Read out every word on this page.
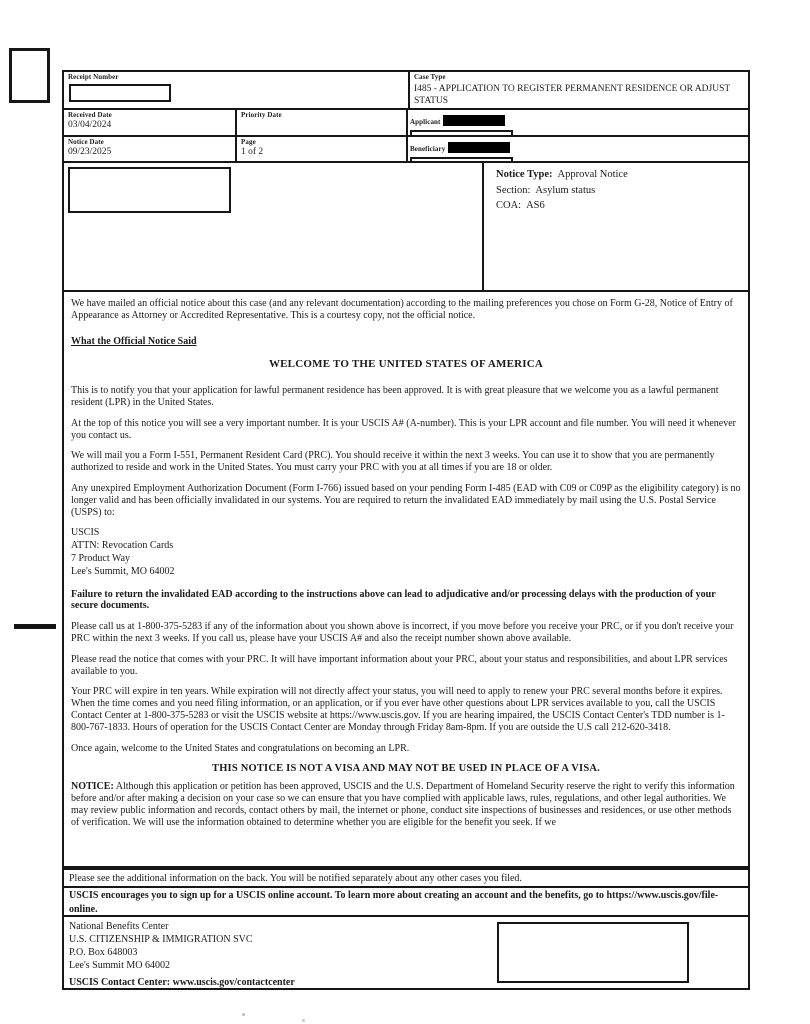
Receipt Number	Case Type
I485 - APPLICATION TO REGISTER PERMANENT RESIDENCE OR ADJUST STATUS
Received Date
03/04/2024
Priority Date
Applicant
Notice Date
09/23/2025
Page
1 of 2	Beneficiary
Notice Type: Approval Notice
Section: Asylum status
COA: AS6

We have mailed an official notice about this case (and any relevant documentation) according to the mailing preferences you chose on Form G-28, Notice of Entry of Appearance as Attorney or Accredited Representative. This is a courtesy copy, not the official notice.

What the Official Notice Said

WELCOME TO THE UNITED STATES OF AMERICA

This is to notify you that your application for lawful permanent residence has been approved. It is with great pleasure that we welcome you as a lawful permanent resident (LPR) in the United States.

At the top of this notice you will see a very important number. It is your USCIS A# (A-number). This is your LPR account and file number. You will need it whenever you contact us.

We will mail you a Form I-551, Permanent Resident Card (PRC). You should receive it within the next 3 weeks. You can use it to show that you are permanently authorized to reside and work in the United States. You must carry your PRC with you at all times if you are 18 or older.

Any unexpired Employment Authorization Document (Form I-766) issued based on your pending Form I-485 (EAD with C09 or C09P as the eligibility category) is no longer valid and has been officially invalidated in our systems. You are required to return the invalidated EAD immediately by mail using the U.S. Postal Service (USPS) to:

USCIS
ATTN: Revocation Cards
7 Product Way
Lee's Summit, MO 64002

Failure to return the invalidated EAD according to the instructions above can lead to adjudicative and/or processing delays with the production of your secure documents.

Please call us at 1-800-375-5283 if any of the information about you shown above is incorrect, if you move before you receive your PRC, or if you don't receive your PRC within the next 3 weeks. If you call us, please have your USCIS A# and also the receipt number shown above available.

Please read the notice that comes with your PRC. It will have important information about your PRC, about your status and responsibilities, and about LPR services available to you.

Your PRC will expire in ten years. While expiration will not directly affect your status, you will need to apply to renew your PRC several months before it expires. When the time comes and you need filing information, or an application, or if you ever have other questions about LPR services available to you, call the USCIS Contact Center at 1-800-375-5283 or visit the USCIS website at https://www.uscis.gov. If you are hearing impaired, the USCIS Contact Center's TDD number is 1-800-767-1833. Hours of operation for the USCIS Contact Center are Monday through Friday 8am-8pm. If you are outside the U.S call 212-620-3418.

Once again, welcome to the United States and congratulations on becoming an LPR.

THIS NOTICE IS NOT A VISA AND MAY NOT BE USED IN PLACE OF A VISA.

NOTICE: Although this application or petition has been approved, USCIS and the U.S. Department of Homeland Security reserve the right to verify this information before and/or after making a decision on your case so we can ensure that you have complied with applicable laws, rules, regulations, and other legal authorities. We may review public information and records, contact others by mail, the internet or phone, conduct site inspections of businesses and residences, or use other methods of verification. We will use the information obtained to determine whether you are eligible for the benefit you seek. If we

Please see the additional information on the back. You will be notified separately about any other cases you filed.
USCIS encourages you to sign up for a USCIS online account. To learn more about creating an account and the benefits, go to https://www.uscis.gov/file-online.
National Benefits Center
U.S. CITIZENSHIP & IMMIGRATION SVC
P.O. Box 648003
Lee's Summit MO 64002
USCIS Contact Center: www.uscis.gov/contactcenter
